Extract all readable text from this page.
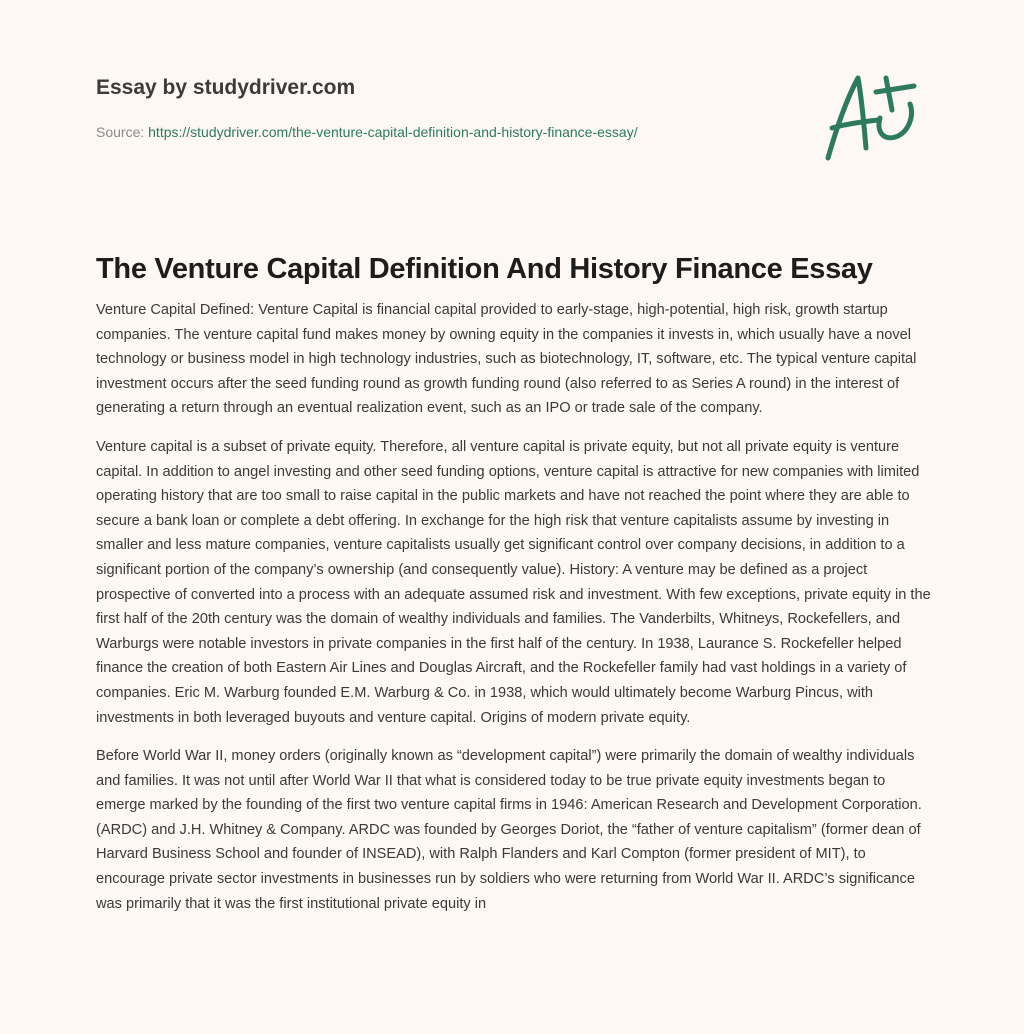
Essay by studydriver.com
Source: https://studydriver.com/the-venture-capital-definition-and-history-finance-essay/
The Venture Capital Definition And History Finance Essay

Venture Capital Defined: Venture Capital is financial capital provided to early-stage, high-potential, high risk, growth startup companies. The venture capital fund makes money by owning equity in the companies it invests in, which usually have a novel technology or business model in high technology industries, such as biotechnology, IT, software, etc. The typical venture capital investment occurs after the seed funding round as growth funding round (also referred to as Series A round) in the interest of generating a return through an eventual realization event, such as an IPO or trade sale of the company.

Venture capital is a subset of private equity. Therefore, all venture capital is private equity, but not all private equity is venture capital. In addition to angel investing and other seed funding options, venture capital is attractive for new companies with limited operating history that are too small to raise capital in the public markets and have not reached the point where they are able to secure a bank loan or complete a debt offering. In exchange for the high risk that venture capitalists assume by investing in smaller and less mature companies, venture capitalists usually get significant control over company decisions, in addition to a significant portion of the company’s ownership (and consequently value). History: A venture may be defined as a project prospective of converted into a process with an adequate assumed risk and investment. With few exceptions, private equity in the first half of the 20th century was the domain of wealthy individuals and families. The Vanderbilts, Whitneys, Rockefellers, and Warburgs were notable investors in private companies in the first half of the century. In 1938, Laurance S. Rockefeller helped finance the creation of both Eastern Air Lines and Douglas Aircraft, and the Rockefeller family had vast holdings in a variety of companies. Eric M. Warburg founded E.M. Warburg & Co. in 1938, which would ultimately become Warburg Pincus, with investments in both leveraged buyouts and venture capital. Origins of modern private equity.

Before World War II, money orders (originally known as “development capital”) were primarily the domain of wealthy individuals and families. It was not until after World War II that what is considered today to be true private equity investments began to emerge marked by the founding of the first two venture capital firms in 1946: American Research and Development Corporation. (ARDC) and J.H. Whitney & Company. ARDC was founded by Georges Doriot, the “father of venture capitalism” (former dean of Harvard Business School and founder of INSEAD), with Ralph Flanders and Karl Compton (former president of MIT), to encourage private sector investments in businesses run by soldiers who were returning from World War II. ARDC’s significance was primarily that it was the first institutional private equity in
